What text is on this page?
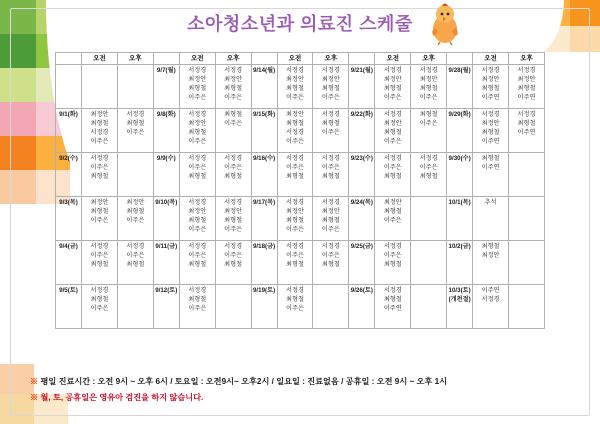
소아청소년과 의료진 스케줄
	오전	오후		오전	오후		오전	오후		오전	오후		오전	오후
			9/7(월)	서정경
최정안
최형철
이주은	서정경
최정안
최형철
이주은	9/14(월)	서정경
최정안
최형철
이주은	서정경
최정안
최형철
이주은	9/21(월)	서정경
최정안
최형철
이주은	서정경
최정안
최형철
이주은	9/28(월)	서정경
최정안
최형철
이주연	서정경
최정안
최형철
이주연

9/1(화)	최정안
최형철
서정경
이주은	서정경
최형철
이주은	9/8(화)	서정경
최정안
최형철
이주은	최형철
이주은	9/15(화)	최정안
최형철
서정경
이주은	서정경
최형철
이주은	9/22(화)	서정경
최정안
최형철
이주은	최형철
이주은	9/29(화)	서정경
최정안
최형철
이주연	서정경
최형철
이주연

9/2(수)	서정경
이주은
최형철		9/9(수)	서정경
이주은
최형철	서정경
이주은
최형철	9/16(수)	서정경
이주은
최형철	서정경
이주은
최형철	9/23(수)	서정경
이주은
최형철	서정경
이주은
최형철	9/30(수)	최형철
이주연	

9/3(목)	최정안
최형철
이주은	최정안
최형철
이주은	9/10(목)	서정경
최정안
최형철
이주은	서정경
최정안
최형철
이주은	9/17(목)	서정경
최정안
최형철
이주은	서정경
최정안
최형철
이주은	9/24(목)	최정안
최형철
이주은		10/1(목)	추석	

9/4(금)	서정경
이주은
최형철	서정경
이주은
최형철	9/11(금)	서정경
이주은
최형철	서정경
이주은
최형철	9/18(금)	서정경
이주은
최형철	서정경
이주은
최형철	9/25(금)	서정경
이주은
최형철		10/2(금)	최형철
최정안	

9/5(토)	서정경
최형철
이주은		9/12(토)	서정경
최형철
이주은		9/19(토)	서정경
최형철
이주은		9/26(토)	서정경
최형철
이주연		10/3(토)(개천절)	이주연
서정경	

※ 평일 진료시간 : 오전 9시 ~ 오후 6시 / 토요일 : 오전9시~ 오후2시 / 일요일 : 진료없음 / 공휴일 : 오전 9시 ~ 오후 1시
※ 월, 토, 공휴일은 영유아 검진을 하지 않습니다.
